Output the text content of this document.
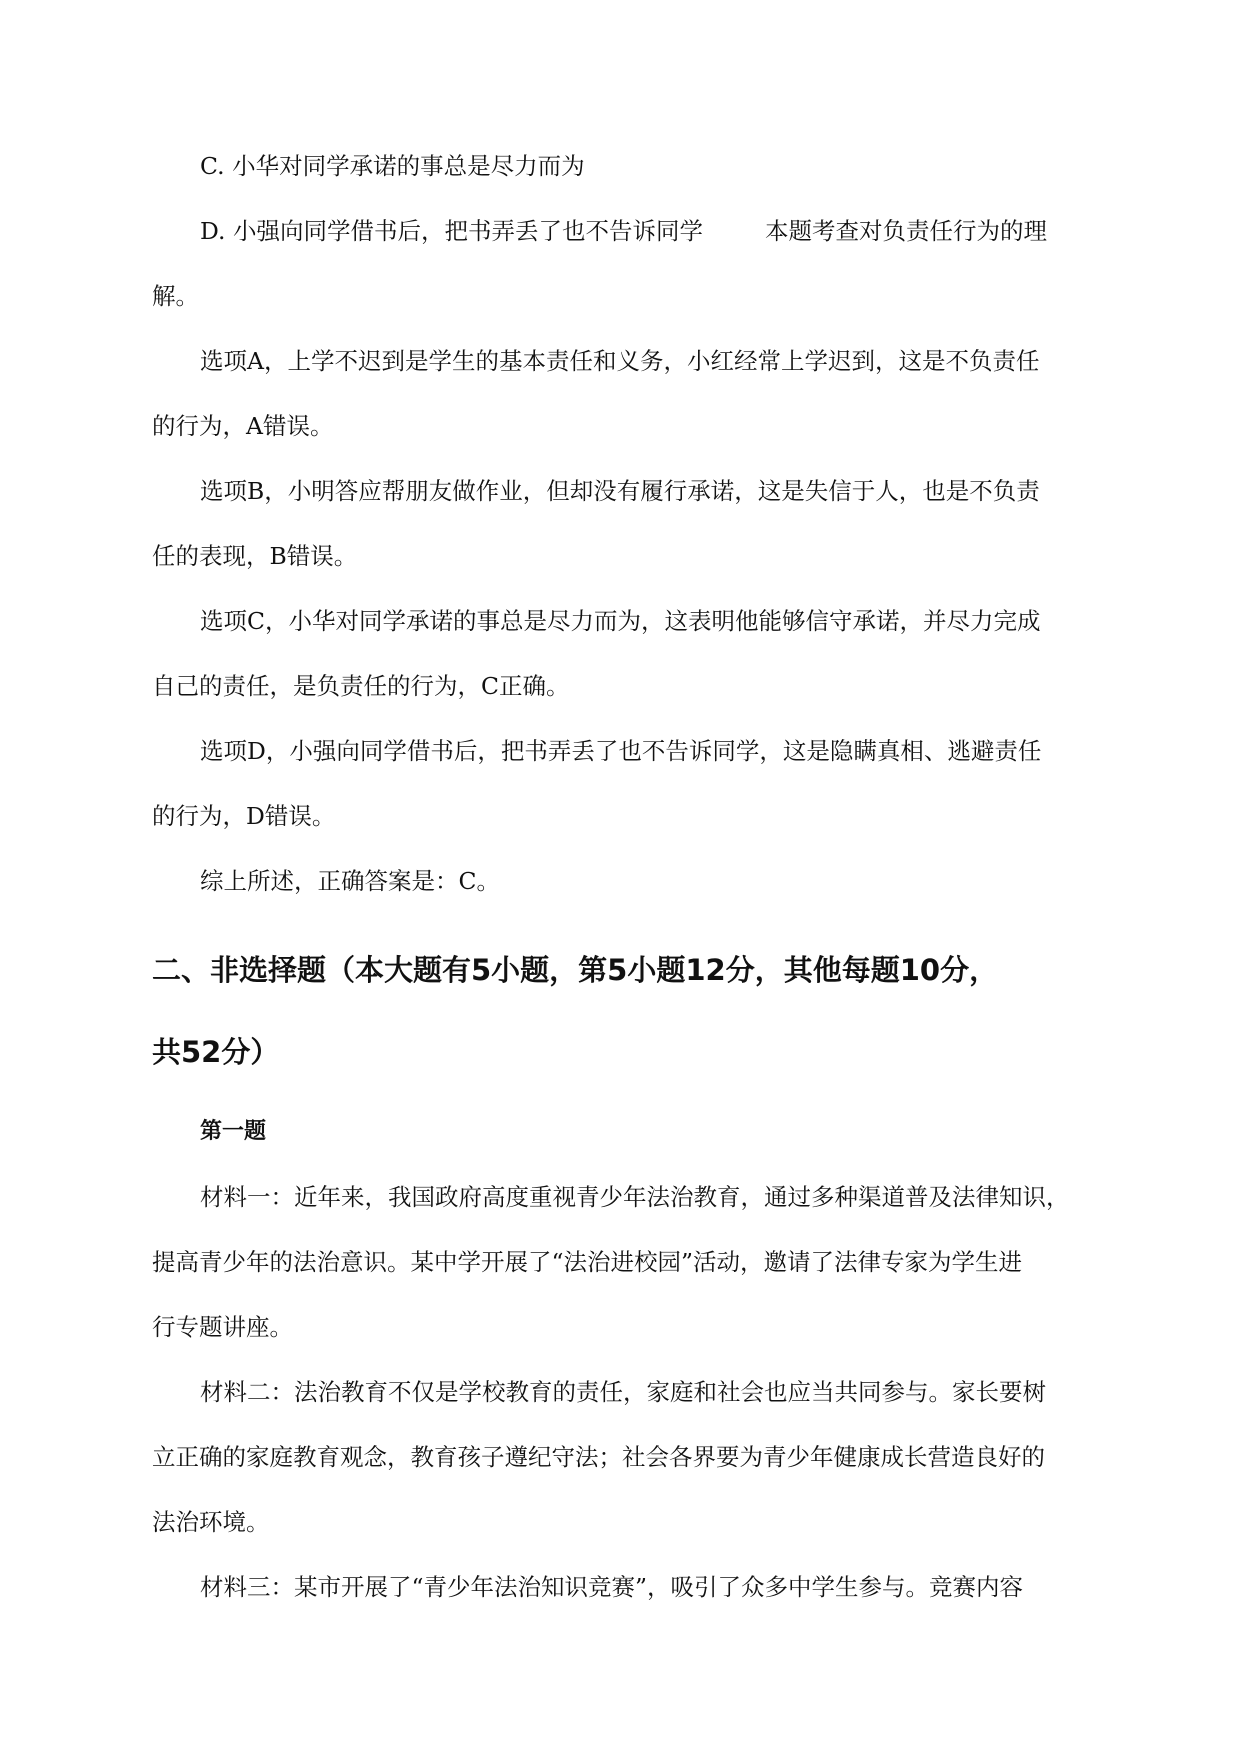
C. 小华对同学承诺的事总是尽力而为

D. 小强向同学借书后，把书弄丢了也不告诉同学	本题考查对负责任行为的理

解。

选项A，上学不迟到是学生的基本责任和义务，小红经常上学迟到，这是不负责任

的行为，A错误。

选项B，小明答应帮朋友做作业，但却没有履行承诺，这是失信于人，也是不负责

任的表现，B错误。

选项C，小华对同学承诺的事总是尽力而为，这表明他能够信守承诺，并尽力完成

自己的责任，是负责任的行为，C正确。

选项D，小强向同学借书后，把书弄丢了也不告诉同学，这是隐瞒真相、逃避责任

的行为，D错误。

综上所述，正确答案是：C。

二、非选择题（本大题有5小题，第5小题12分，其他每题10分，
共52分）
第一题

材料一：近年来，我国政府高度重视青少年法治教育，通过多种渠道普及法律知识，

提高青少年的法治意识。某中学开展了“法治进校园”活动，邀请了法律专家为学生进

行专题讲座。

材料二：法治教育不仅是学校教育的责任，家庭和社会也应当共同参与。家长要树

立正确的家庭教育观念，教育孩子遵纪守法；社会各界要为青少年健康成长营造良好的

法治环境。

材料三：某市开展了“青少年法治知识竞赛”，吸引了众多中学生参与。竞赛内容
